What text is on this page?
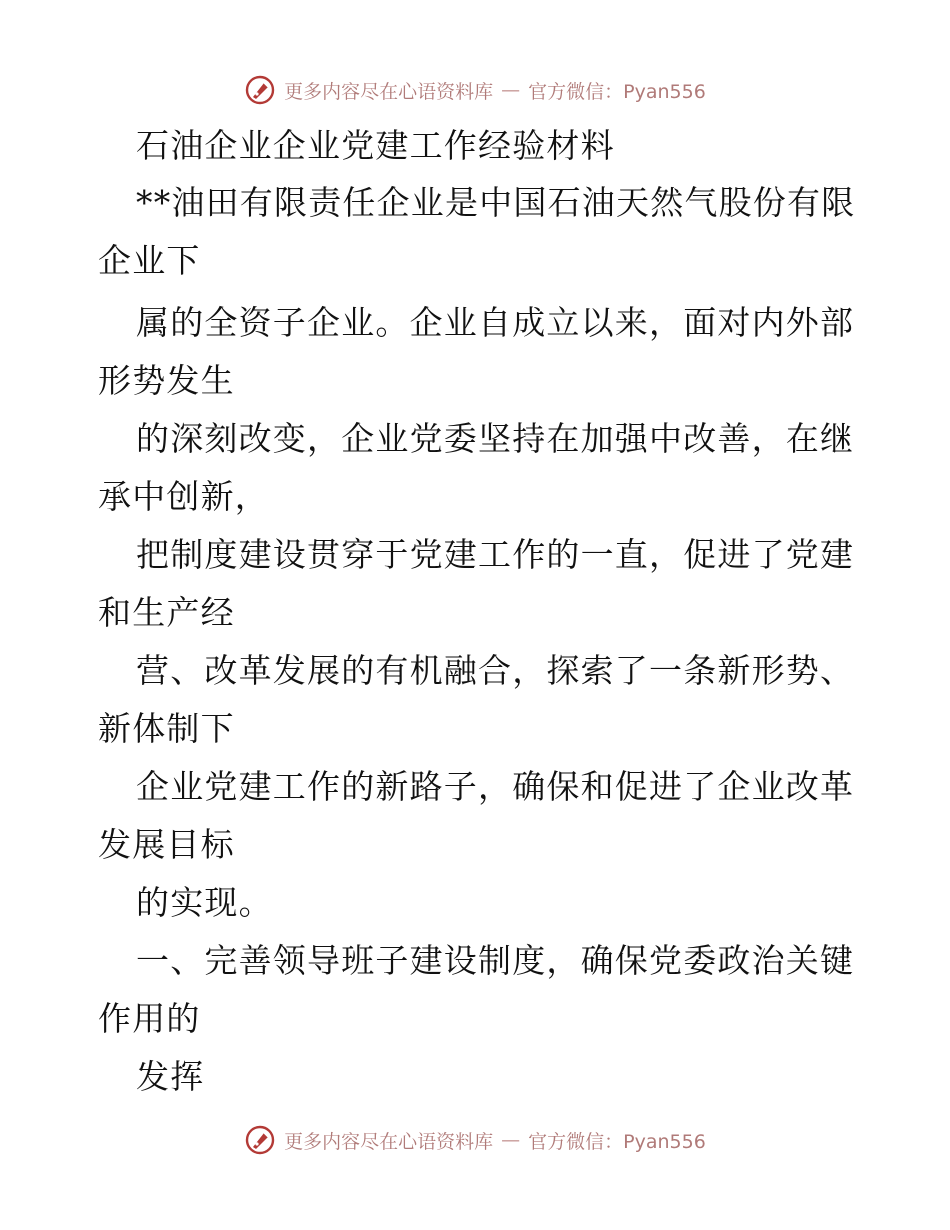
更多内容尽在心语资料库 — 官方微信：Pyan556
石油企业企业党建工作经验材料
**油田有限责任企业是中国石油天然气股份有限
企业下
属的全资子企业。企业自成立以来，面对内外部
形势发生
的深刻改变，企业党委坚持在加强中改善，在继
承中创新，
把制度建设贯穿于党建工作的一直，促进了党建
和生产经
营、改革发展的有机融合，探索了一条新形势、
新体制下
企业党建工作的新路子，确保和促进了企业改革
发展目标
的实现。
一、完善领导班子建设制度，确保党委政治关键
作用的
发挥
更多内容尽在心语资料库 — 官方微信：Pyan556
